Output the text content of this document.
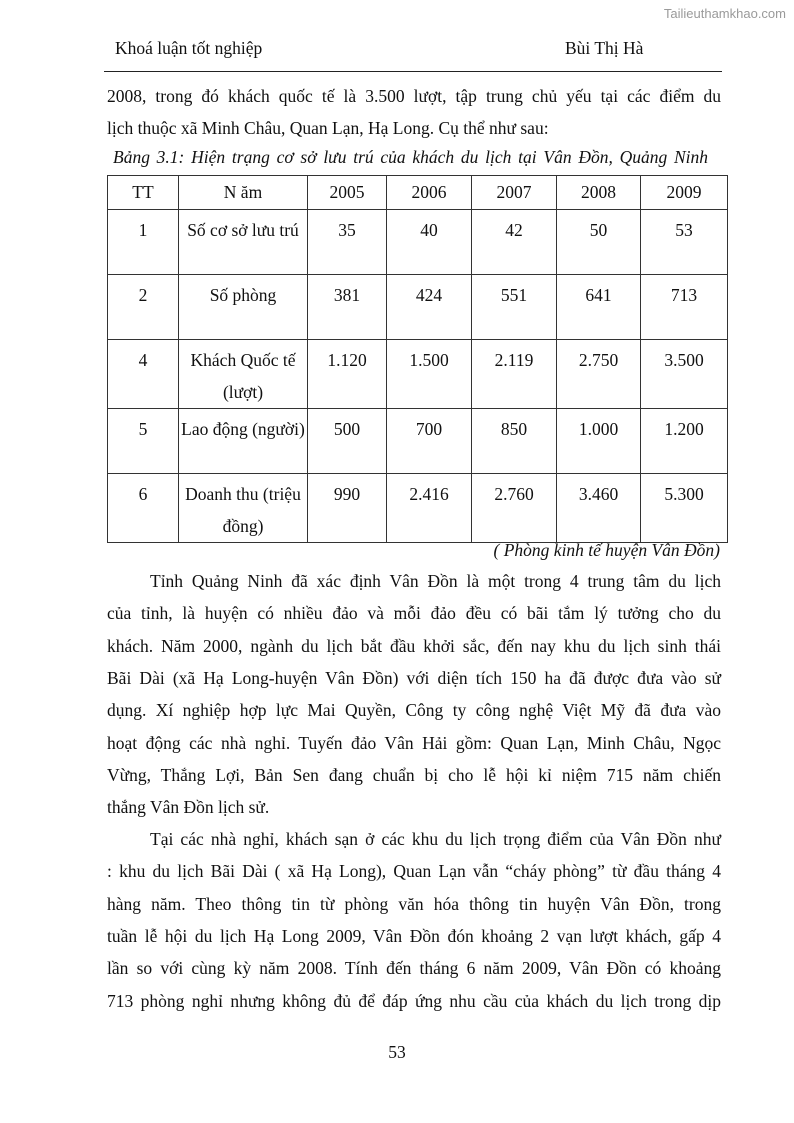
Tailieuthamkhao.com
Khoá luận tốt nghiệp	Bùi Thị Hà
2008, trong đó khách quốc tế là 3.500 lượt, tập trung chủ yếu tại các điểm du
lịch thuộc xã Minh Châu, Quan Lạn, Hạ Long. Cụ thể như sau:
Bảng 3.1: Hiện trạng cơ sở lưu trú của khách du lịch tại Vân Đồn, Quảng Ninh
TT	N ăm	2005	2006	2007	2008	2009
1	Số cơ sở lưu trú	35	40	42	50	53
2	Số phòng	381	424	551	641	713
4	Khách Quốc tế (lượt)	1.120	1.500	2.119	2.750	3.500
5	Lao động (người)	500	700	850	1.000	1.200
6	Doanh thu (triệu đồng)	990	2.416	2.760	3.460	5.300
( Phòng kinh tế huyện Vân Đồn)
Tỉnh Quảng Ninh đã xác định Vân Đồn là một trong 4 trung tâm du lịch
của tỉnh, là huyện có nhiều đảo và mỗi đảo đều có bãi tắm lý tưởng cho du
khách. Năm 2000, ngành du lịch bắt đầu khởi sắc, đến nay khu du lịch sinh thái
Bãi Dài (xã Hạ Long-huyện Vân Đồn) với diện tích 150 ha đã được đưa vào sử
dụng. Xí nghiệp hợp lực Mai Quyền, Công ty công nghệ Việt Mỹ đã đưa vào
hoạt động các nhà nghỉ. Tuyến đảo Vân Hải gồm: Quan Lạn, Minh Châu, Ngọc
Vừng, Thắng Lợi, Bản Sen đang chuẩn bị cho lễ hội kỉ niệm 715 năm chiến
thắng Vân Đồn lịch sử.
Tại các nhà nghỉ, khách sạn ở các khu du lịch trọng điểm của Vân Đồn như
: khu du lịch Bãi Dài ( xã Hạ Long), Quan Lạn vẫn “cháy phòng” từ đầu tháng 4
hàng năm. Theo thông tin từ phòng văn hóa thông tin huyện Vân Đồn, trong
tuần lễ hội du lịch Hạ Long 2009, Vân Đồn đón khoảng 2 vạn lượt khách, gấp 4
lần so với cùng kỳ năm 2008. Tính đến tháng 6 năm 2009, Vân Đồn có khoảng
713 phòng nghỉ nhưng không đủ để đáp ứng nhu cầu của khách du lịch trong dịp
53
